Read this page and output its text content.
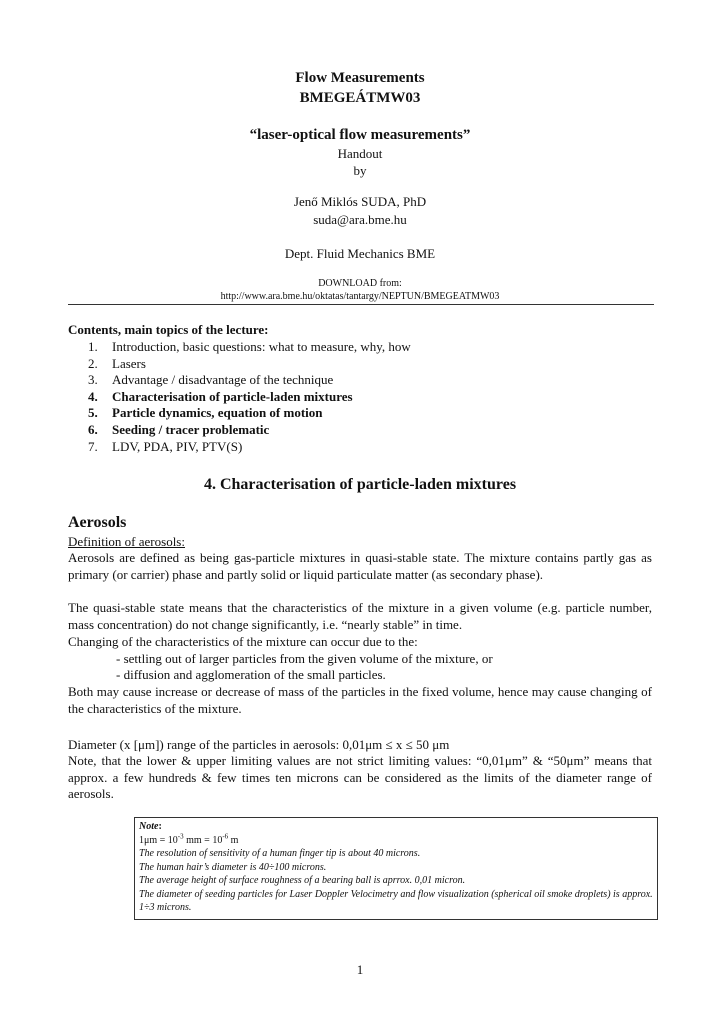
Flow Measurements
BMEGEÁTMW03
“laser-optical flow measurements”
Handout
by
Jenő Miklós SUDA, PhD
suda@ara.bme.hu
Dept. Fluid Mechanics BME
DOWNLOAD from:
http://www.ara.bme.hu/oktatas/tantargy/NEPTUN/BMEGEATMW03
Contents, main topics of the lecture:
1. Introduction, basic questions: what to measure, why, how
2. Lasers
3. Advantage / disadvantage of the technique
4. Characterisation of particle-laden mixtures
5. Particle dynamics, equation of motion
6. Seeding / tracer problematic
7. LDV, PDA, PIV, PTV(S)
4. Characterisation of particle-laden mixtures
Aerosols
Definition of aerosols:
Aerosols are defined as being gas-particle mixtures in quasi-stable state. The mixture contains partly gas as primary (or carrier) phase and partly solid or liquid particulate matter (as secondary phase).
The quasi-stable state means that the characteristics of the mixture in a given volume (e.g. particle number, mass concentration) do not change significantly, i.e. “nearly stable” in time.
Changing of the characteristics of the mixture can occur due to the:
- settling out of larger particles from the given volume of the mixture, or
- diffusion and agglomeration of the small particles.
Both may cause increase or decrease of mass of the particles in the fixed volume, hence may cause changing of the characteristics of the mixture.
Diameter (x [μm]) range of the particles in aerosols: 0,01μm ≤ x ≤ 50 μm
Note, that the lower & upper limiting values are not strict limiting values: “0,01μm” & “50μm” means that approx. a few hundreds & few times ten microns can be considered as the limits of the diameter range of aerosols.
Note:
$1\mu m = 10^{-3}$ mm = $10^{-6}$ m
The resolution of sensitivity of a human finger tip is about 40 microns.
The human hair’s diameter is 40÷100 microns.
The average height of surface roughness of a bearing ball is aprrox. 0,01 micron.
The diameter of seeding particles for Laser Doppler Velocimetry and flow visualization (spherical oil smoke droplets) is approx. 1÷3 microns.
1
